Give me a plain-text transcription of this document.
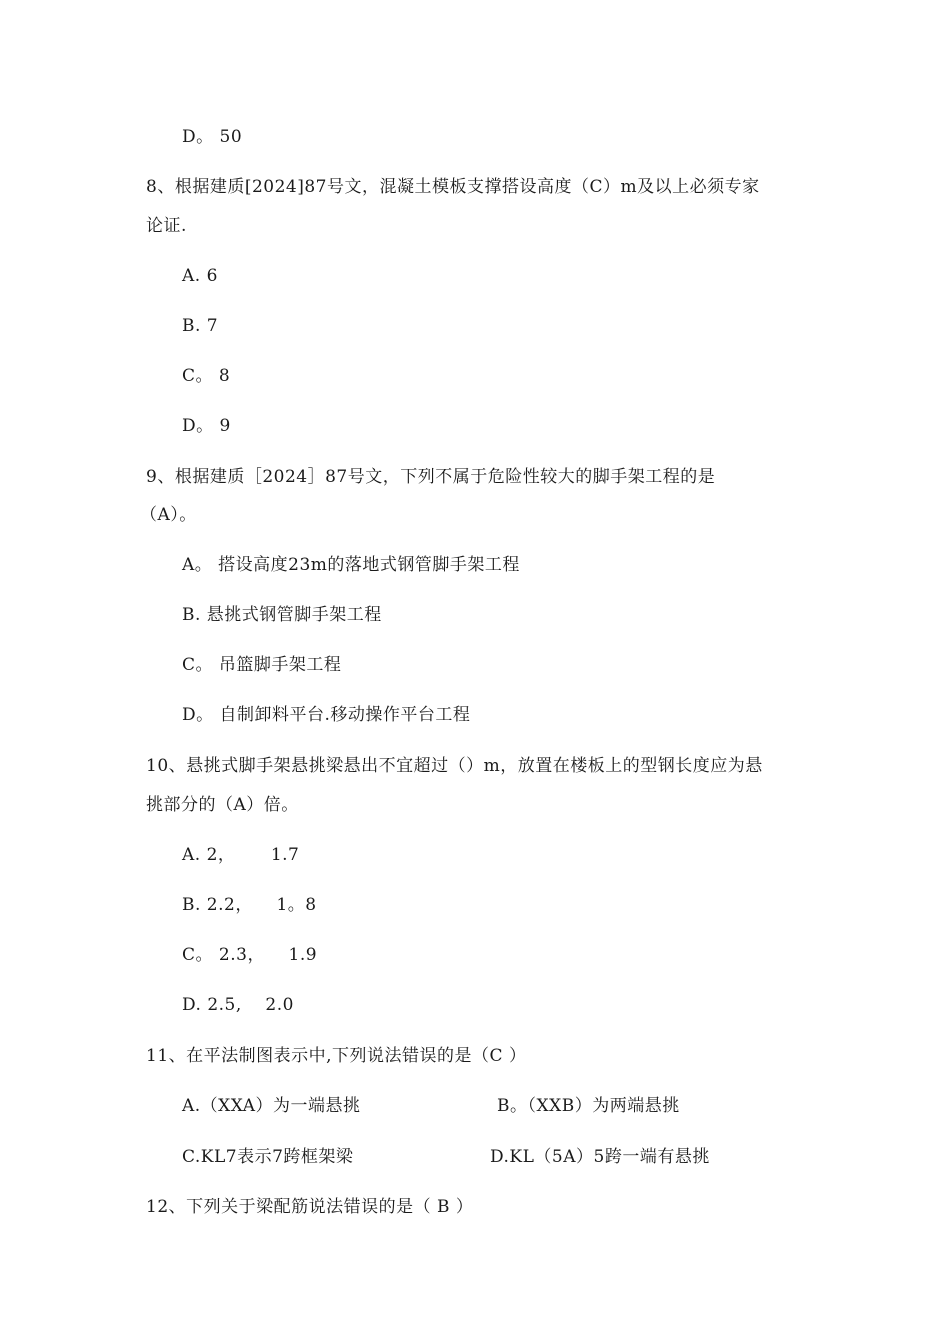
D。 50
8、根据建质[2024]87号文，混凝土模板支撑搭设高度（C）m及以上必须专家
论证.
A. 6
B. 7
C。 8
D。 9
9、根据建质［2024］87号文，下列不属于危险性较大的脚手架工程的是
（A）。
A。 搭设高度23m的落地式钢管脚手架工程
B. 悬挑式钢管脚手架工程
C。 吊篮脚手架工程
D。 自制卸料平台.移动操作平台工程
10、悬挑式脚手架悬挑梁悬出不宜超过（）m，放置在楼板上的型钢长度应为悬
挑部分的（A）倍。
A. 2，      1.7
B. 2.2，    1。8
C。 2.3，    1.9
D. 2.5,    2.0
11、在平法制图表示中,下列说法错误的是（C ）
A.（XXA）为一端悬挑	B。（XXB）为两端悬挑
C.KL7表示7跨框架梁	D.KL（5A）5跨一端有悬挑
12、下列关于梁配筋说法错误的是（ B ）
